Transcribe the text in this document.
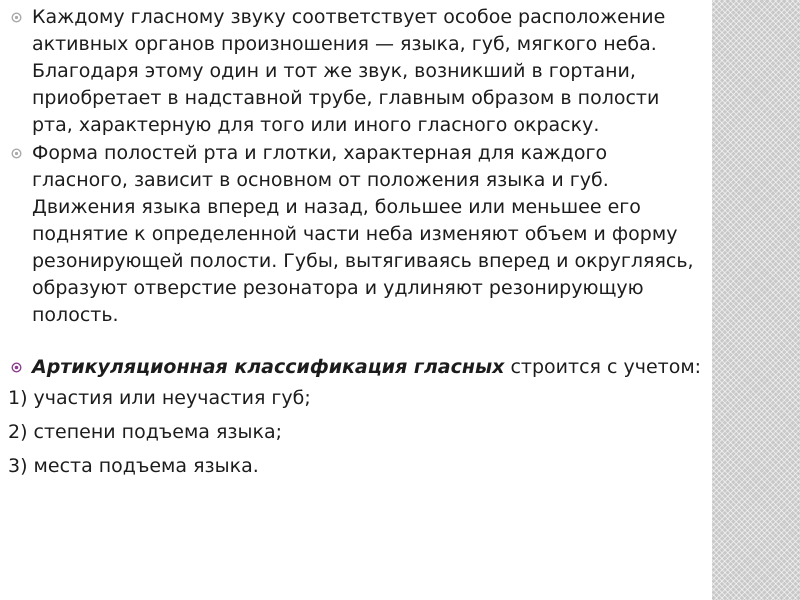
Каждому гласному звуку соответствует особое расположение активных органов произношения — языка, губ, мягкого неба. Благодаря этому один и тот же звук, возникший в гортани, приобретает в надставной трубе, главным образом в полости рта, характерную для того или иного гласного окраску.

Форма полостей рта и глотки, характерная для каждого гласного, зависит в основном от положения языка и губ. Движения языка вперед и назад, большее или меньшее его поднятие к определенной части неба изменяют объем и форму резонирующей полости. Губы, вытягиваясь вперед и округляясь, образуют отверстие резонатора и удлиняют резонирующую полость.

Артикуляционная классификация гласных строится с учетом:

1) участия или неучастия губ;

2) степени подъема языка;

3) места подъема языка.
